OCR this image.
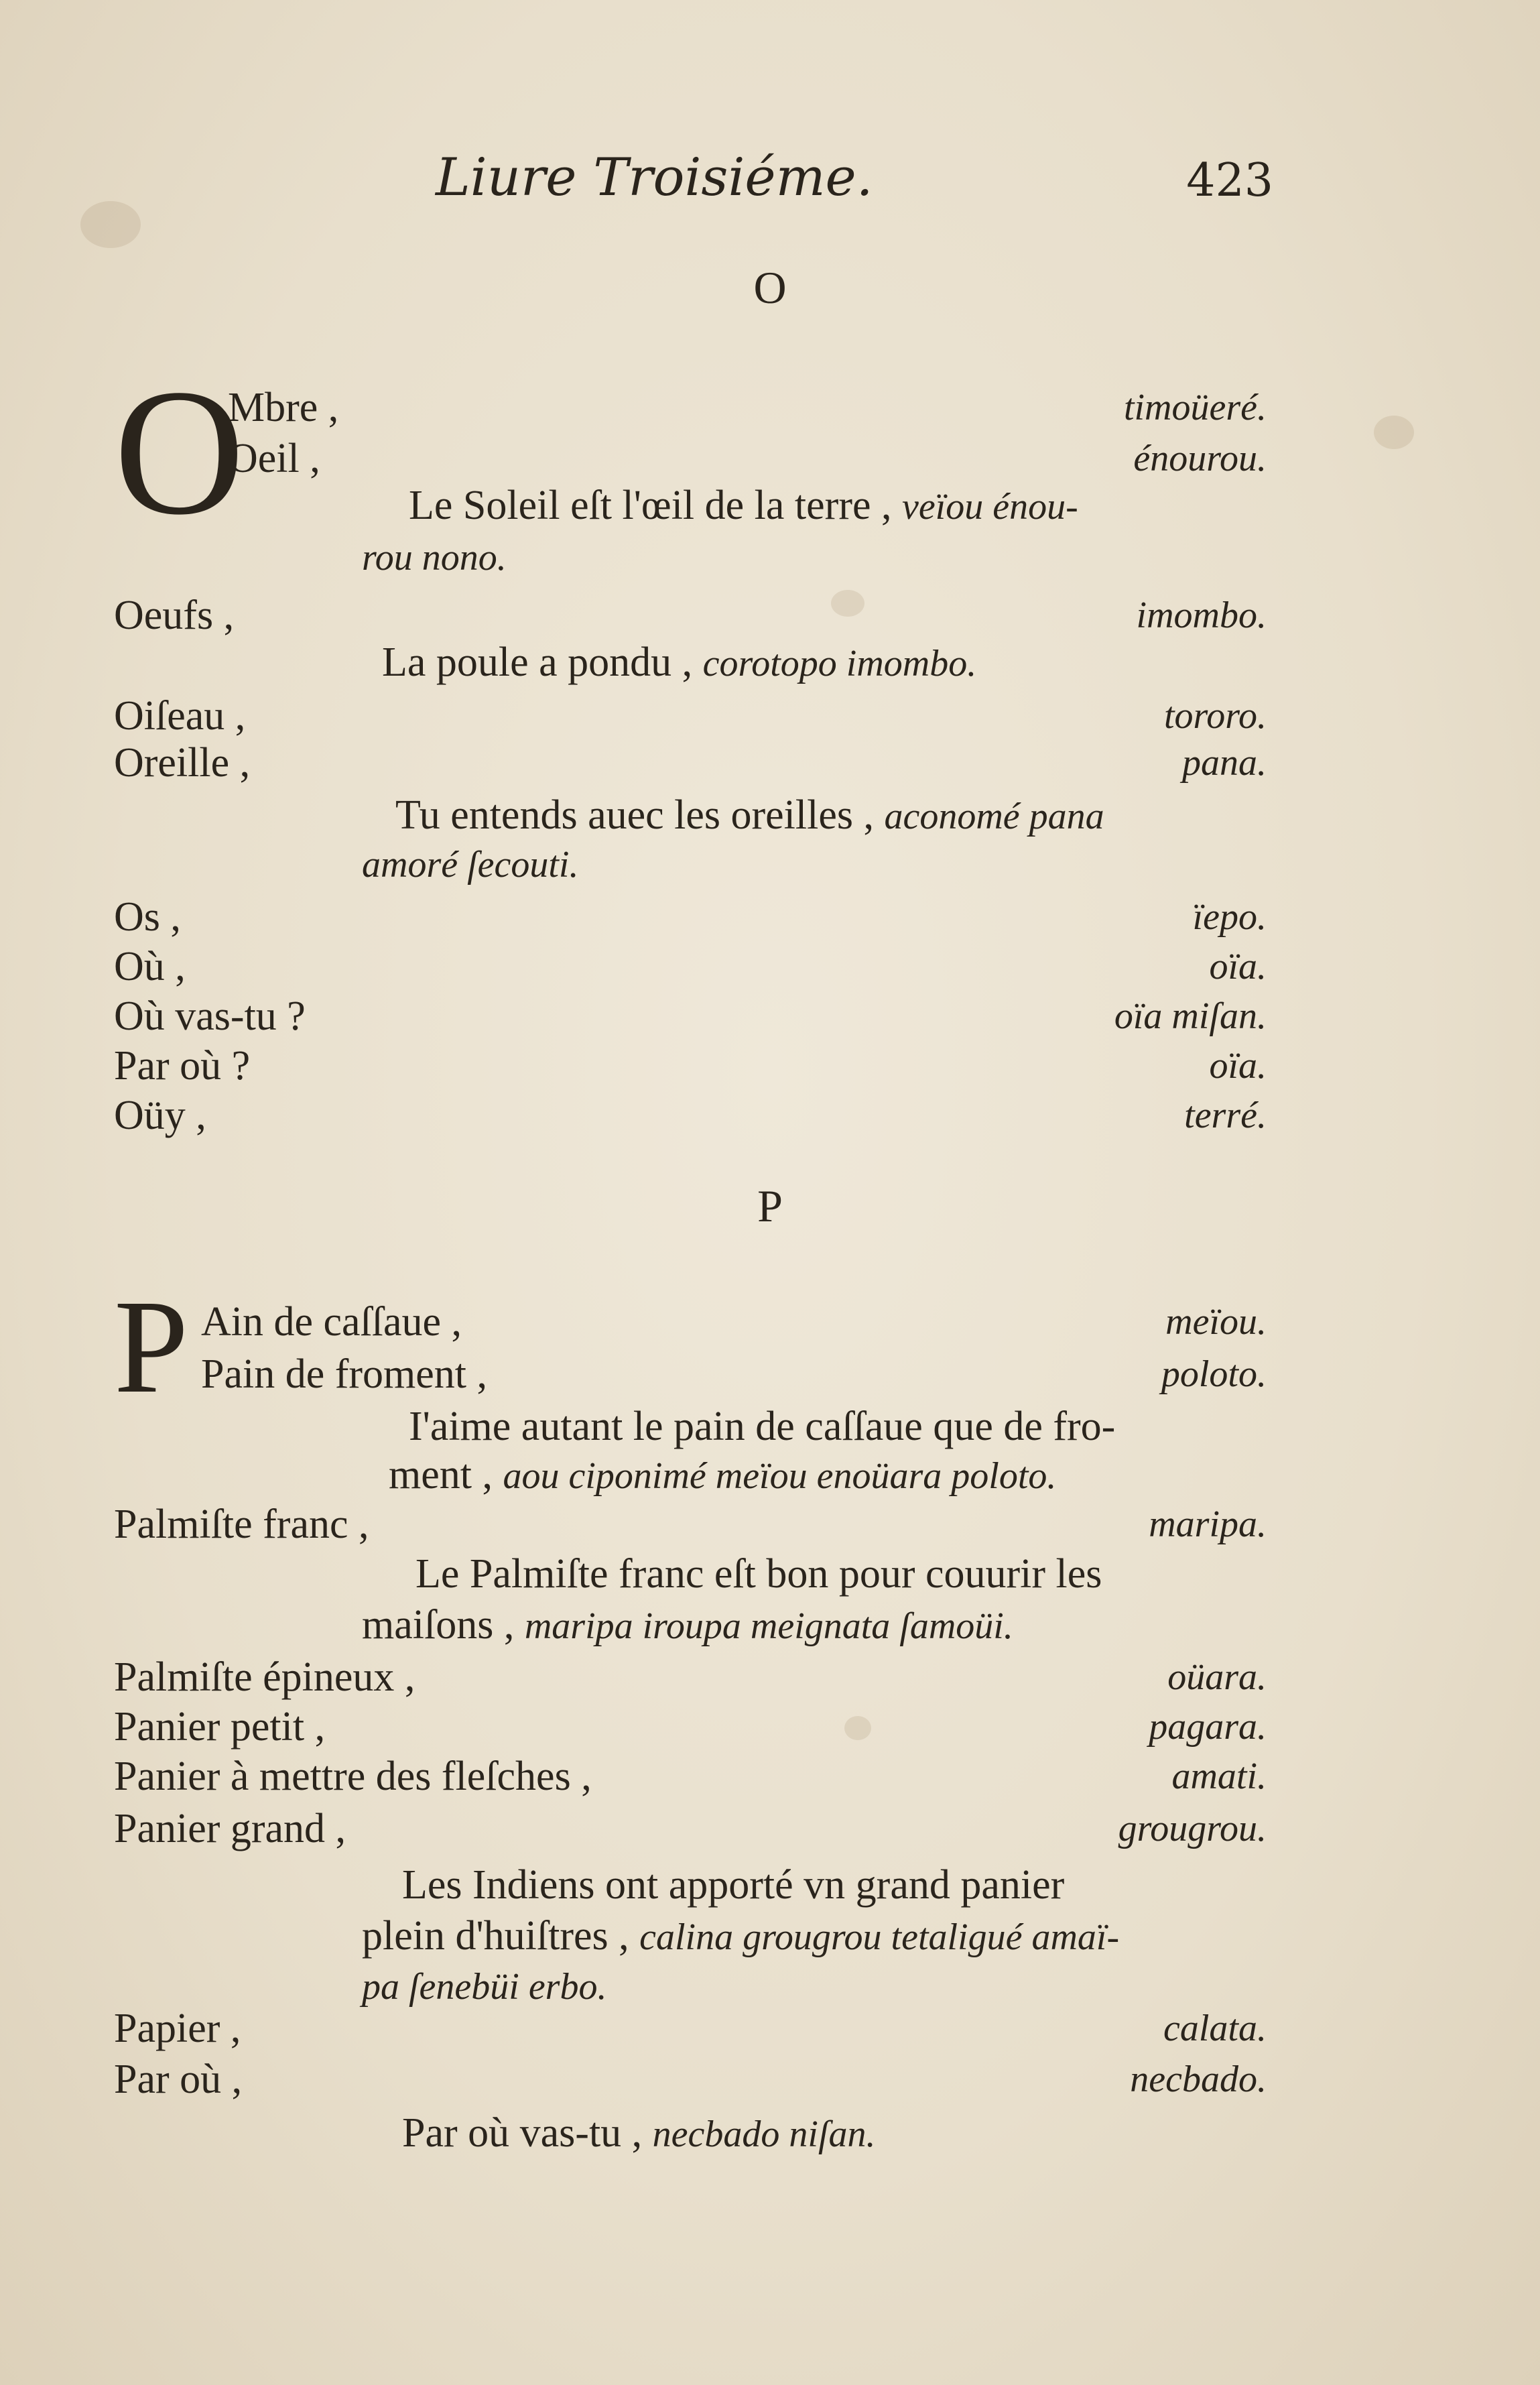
Liure Troisiéme.	423
O
O
Mbre ,	timoüeré.
Oeil ,	énourou.
Le Soleil eſt l'œil de la terre , veïou énou-
rou nono.
Oeufs ,	imombo.
La poule a pondu , corotopo imombo.
Oiſeau ,	tororo.
Oreille ,	pana.
Tu entends auec les oreilles , aconomé pana
amoré ſecouti.
Os ,	ïepo.
Où ,	oïa.
Où vas-tu ?	oïa miſan.
Par où ?	oïa.
Oüy ,	terré.
P
P Ain de caſſaue ,	meïou.
Pain de froment ,	poloto.
I'aime autant le pain de caſſaue que de fro-
ment , aou ciponimé meïou enoüara poloto.
Palmiſte franc ,	maripa.
Le Palmiſte franc eſt bon pour couurir les
maiſons , maripa iroupa meignata ſamoüi.
Palmiſte épineux ,	oüara.
Panier petit ,	pagara.
Panier à mettre des fleſches ,	amati.
Panier grand ,	grougrou.
Les Indiens ont apporté vn grand panier
plein d'huiſtres , calina grougrou tetaligué amaï-
pa ſenebüi erbo.
Papier ,	calata.
Par où ,	necbado.
Par où vas-tu , necbado niſan.
